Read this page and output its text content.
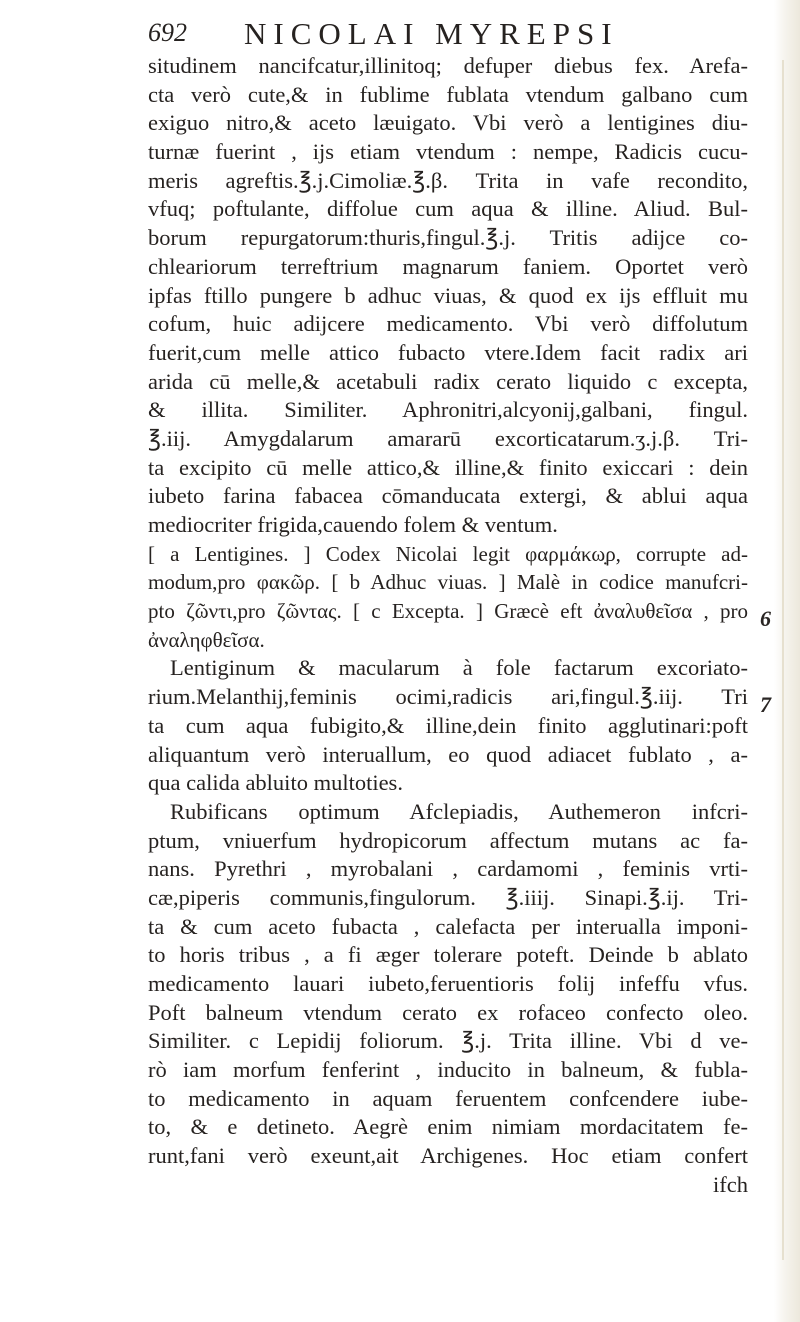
692 NICOLAI MYREPSI
6
7
situdinem nancifcatur,illinitoq; defuper diebus fex. Arefa-
cta verò cute,& in fublime fublata vtendum galbano cum
exiguo nitro,& aceto læuigato. Vbi verò a lentigines diu-
turnæ fuerint , ijs etiam vtendum : nempe, Radicis cucu-
meris agreftis.℥.j.Cimoliæ.℥.β. Trita in vafe recondito,
vfuq; poftulante, diffolue cum aqua & illine. Aliud. Bul-
borum repurgatorum:thuris,fingul.℥.j. Tritis adijce co-
chleariorum terreftrium magnarum faniem. Oportet verò
ipfas ftillo pungere b adhuc viuas, & quod ex ijs effluit mu
cofum, huic adijcere medicamento. Vbi verò diffolutum
fuerit,cum melle attico fubacto vtere.Idem facit radix ari
arida cū melle,& acetabuli radix cerato liquido c excepta,
& illita. Similiter. Aphronitri,alcyonij,galbani, fingul.
℥.iij. Amygdalarum amararū excorticatarum.ʒ.j.β. Tri-
ta excipito cū melle attico,& illine,& finito exiccari : dein
iubeto farina fabacea cōmanducata extergi, & ablui aqua
mediocriter frigida,cauendo folem & ventum.
[ a Lentigines. ] Codex Nicolai legit φαρμάκω̣ρ, corrupte ad-
modum,pro φακῶρ. [ b Adhuc viuas. ] Malè in codice manufcri-
pto ζῶντι,pro ζῶντας. [ c Excepta. ] Græcè eft ἀναλυθεῖσα , pro
ἀναληφθεῖσα.
Lentiginum & macularum à fole factarum excoriato-
rium.Melanthij,feminis ocimi,radicis ari,fingul.℥.iij. Tri
ta cum aqua fubigito,& illine,dein finito agglutinari:poft
aliquantum verò interuallum, eo quod adiacet fublato , a-
qua calida abluito multoties.
Rubificans optimum Afclepiadis, Authemeron infcri-
ptum, vniuerfum hydropicorum affectum mutans ac fa-
nans. Pyrethri , myrobalani , cardamomi , feminis vrti-
cæ,piperis communis,fingulorum. ℥.iiij. Sinapi.℥.ij. Tri-
ta & cum aceto fubacta , calefacta per interualla imponi-
to horis tribus , a fi æger tolerare poteft. Deinde b ablato
medicamento lauari iubeto,feruentioris folij infeffu vfus.
Poft balneum vtendum cerato ex rofaceo confecto oleo.
Similiter. c Lepidij foliorum. ℥.j. Trita illine. Vbi d ve-
rò iam morfum fenferint , inducito in balneum, & fubla-
to medicamento in aquam feruentem confcendere iube-
to, & e detineto. Aegrè enim nimiam mordacitatem fe-
runt,fani verò exeunt,ait Archigenes. Hoc etiam confert
ifch
